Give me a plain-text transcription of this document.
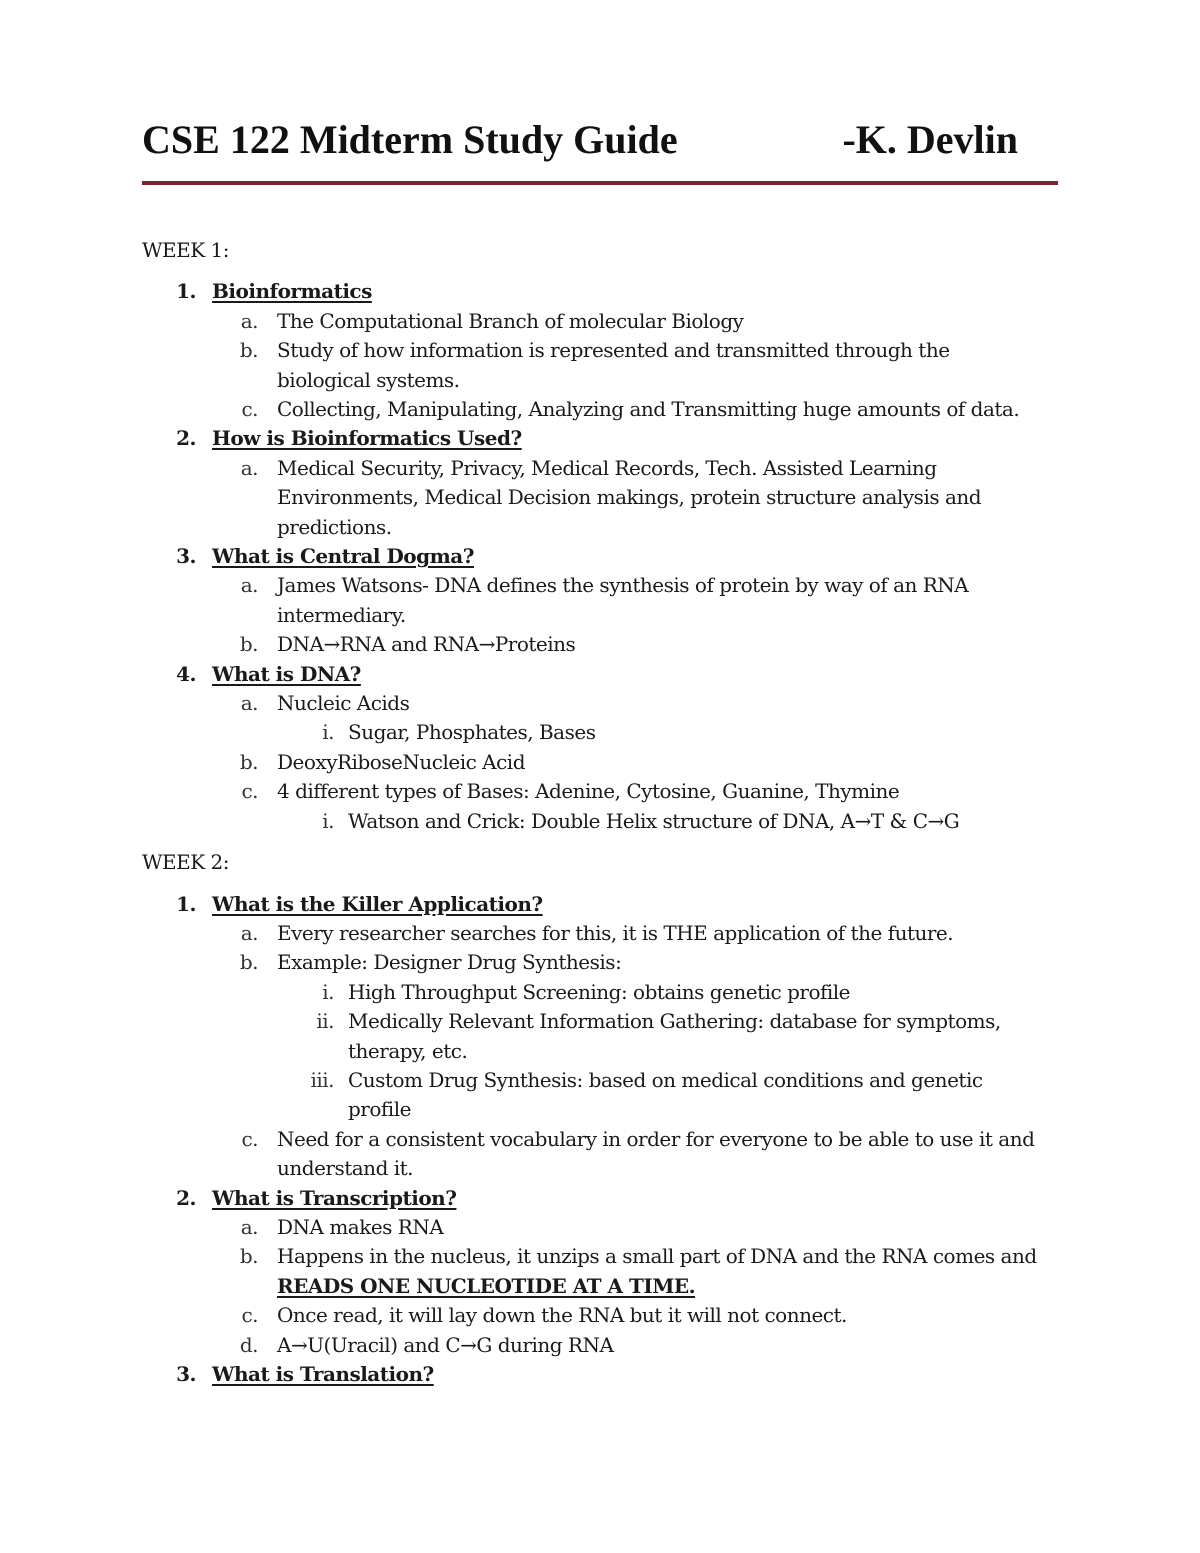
CSE 122 Midterm Study Guide	-K. Devlin
WEEK 1:
1. Bioinformatics
a. The Computational Branch of molecular Biology
b. Study of how information is represented and transmitted through the biological systems.
c. Collecting, Manipulating, Analyzing and Transmitting huge amounts of data.
2. How is Bioinformatics Used?
a. Medical Security, Privacy, Medical Records, Tech. Assisted Learning Environments, Medical Decision makings, protein structure analysis and predictions.
3. What is Central Dogma?
a. James Watsons- DNA defines the synthesis of protein by way of an RNA intermediary.
b. DNA→RNA and RNA→Proteins
4. What is DNA?
a. Nucleic Acids
i. Sugar, Phosphates, Bases
b. DeoxyRiboseNucleic Acid
c. 4 different types of Bases: Adenine, Cytosine, Guanine, Thymine
i. Watson and Crick: Double Helix structure of DNA, A→T & C→G
WEEK 2:
1. What is the Killer Application?
a. Every researcher searches for this, it is THE application of the future.
b. Example: Designer Drug Synthesis:
i. High Throughput Screening: obtains genetic profile
ii. Medically Relevant Information Gathering: database for symptoms, therapy, etc.
iii. Custom Drug Synthesis: based on medical conditions and genetic profile
c. Need for a consistent vocabulary in order for everyone to be able to use it and understand it.
2. What is Transcription?
a. DNA makes RNA
b. Happens in the nucleus, it unzips a small part of DNA and the RNA comes and
READS ONE NUCLEOTIDE AT A TIME.
c. Once read, it will lay down the RNA but it will not connect.
d. A→U(Uracil) and C→G during RNA
3. What is Translation?
